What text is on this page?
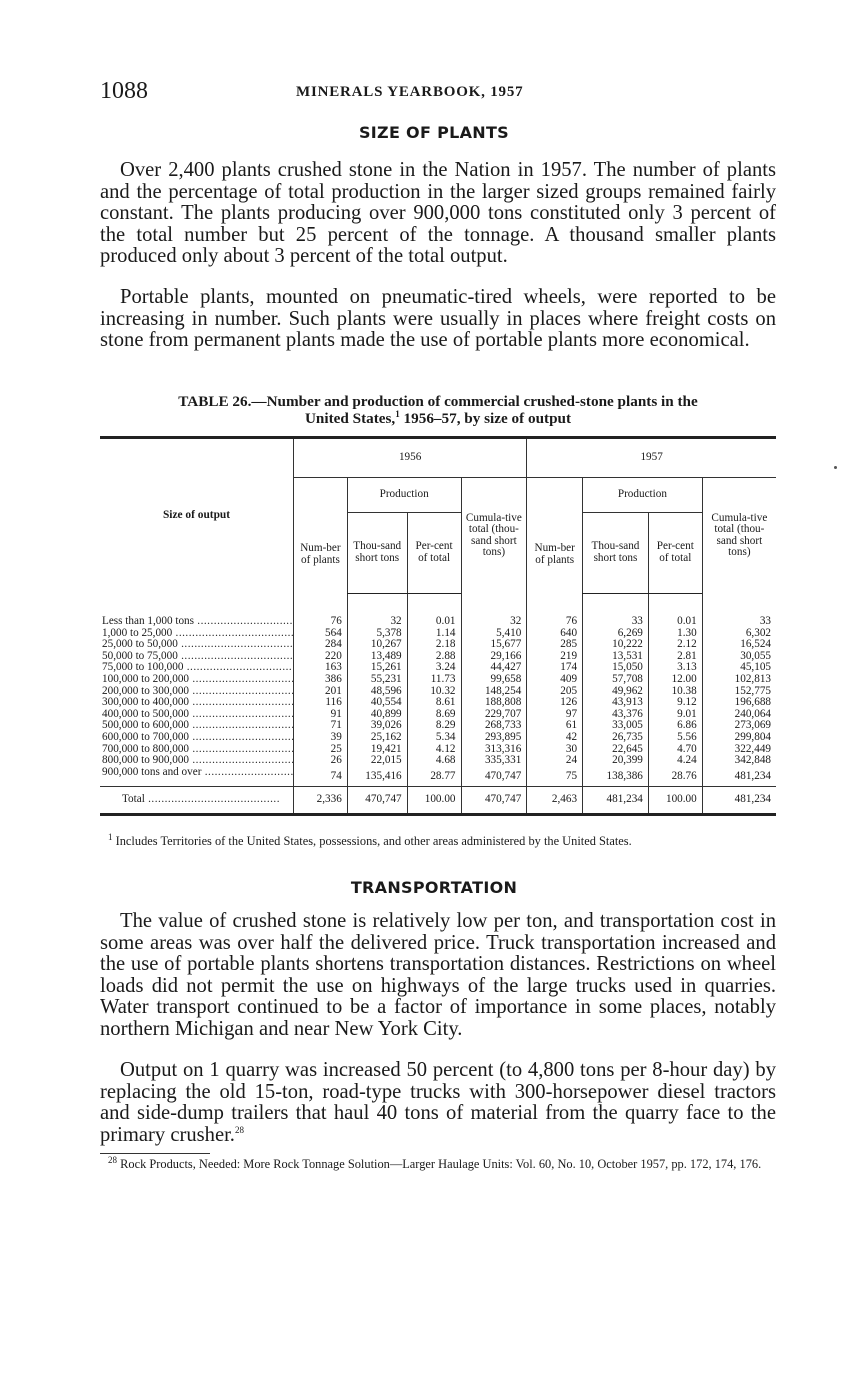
1088	MINERALS YEARBOOK, 1957
SIZE OF PLANTS

Over 2,400 plants crushed stone in the Nation in 1957. The number of plants and the percentage of total production in the larger sized groups remained fairly constant. The plants producing over 900,000 tons constituted only 3 percent of the total number but 25 percent of the tonnage. A thousand smaller plants produced only about 3 percent of the total output.

Portable plants, mounted on pneumatic-tired wheels, were reported to be increasing in number. Such plants were usually in places where freight costs on stone from permanent plants made the use of portable plants more economical.

TABLE 26.—Number and production of commercial crushed-stone plants in the
United States,$^1$ 1956–57, by size of output

Size of output	1956				1957			
	Num-ber of plants	Production		Cumula-tive total (thou-sand short tons)	Num-ber of plants	Production		Cumula-tive total (thou-sand short tons)
		Thou-sand short tons	Per-cent of total			Thou-sand short tons	Per-cent of total	
Less than 1,000 tons .....	76	32	0.01	32	76	33	0.01	33
1,000 to 25,000 .....	564	5,378	1.14	5,410	640	6,269	1.30	6,302
25,000 to 50,000 .....	284	10,267	2.18	15,677	285	10,222	2.12	16,524
50,000 to 75,000 .....	220	13,489	2.88	29,166	219	13,531	2.81	30,055
75,000 to 100,000 .....	163	15,261	3.24	44,427	174	15,050	3.13	45,105
100,000 to 200,000 .....	386	55,231	11.73	99,658	409	57,708	12.00	102,813
200,000 to 300,000 .....	201	48,596	10.32	148,254	205	49,962	10.38	152,775
300,000 to 400,000 .....	116	40,554	8.61	188,808	126	43,913	9.12	196,688
400,000 to 500,000 .....	91	40,899	8.69	229,707	97	43,376	9.01	240,064
500,000 to 600,000 .....	71	39,026	8.29	268,733	61	33,005	6.86	273,069
600,000 to 700,000 .....	39	25,162	5.34	293,895	42	26,735	5.56	299,804
700,000 to 800,000 .....	25	19,421	4.12	313,316	30	22,645	4.70	322,449
800,000 to 900,000 .....	26	22,015	4.68	335,331	24	20,399	4.24	342,848
900,000 tons and over .....	74	135,416	28.77	470,747	75	138,386	28.76	481,234
Total .....	2,336	470,747	100.00	470,747	2,463	481,234	100.00	481,234

$^1$ Includes Territories of the United States, possessions, and other areas administered by the United States.

TRANSPORTATION

The value of crushed stone is relatively low per ton, and transportation cost in some areas was over half the delivered price. Truck transportation increased and the use of portable plants shortens transportation distances. Restrictions on wheel loads did not permit the use on highways of the large trucks used in quarries. Water transport continued to be a factor of importance in some places, notably northern Michigan and near New York City.

Output on 1 quarry was increased 50 percent (to 4,800 tons per 8-hour day) by replacing the old 15-ton, road-type trucks with 300-horsepower diesel tractors and side-dump trailers that haul 40 tons of material from the quarry face to the primary crusher.$^{28}$

$^{28}$ Rock Products, Needed: More Rock Tonnage Solution—Larger Haulage Units: Vol. 60, No. 10, October 1957, pp. 172, 174, 176.
